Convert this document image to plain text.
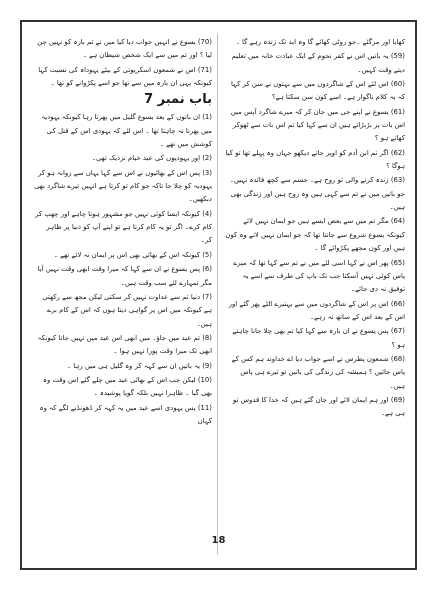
کھایا اور مرگئے ۔جو روٹی کھائے گا وہ ابد تک زندہ رہے گا ۔

(59) یہ باتیں اس نے کفر نحوم کے ایک عبادت خانہ میں تعلیم دیتے وقت کہیں۔

(60) اس لئے اس کے شاگردوں میں سے بہتوں نے سن کر کہا کہ یہ کلام ناگوار ہے۔ اسے کون سن سکتا ہے؟

(61) یسوع نے اپنے جی میں جان کر کہ میرے شاگرد آپس میں اس بات پر بڑبڑاتے ہیں ان سے کہا کیا تم اس بات سے ٹھوکر کھاتے ہو ؟

(62) اگر تم ابن آدم کو اوپر جاتے دیکھو جہاں وہ پہلے تھا تو کیا ہوگا ؟

(63) زندہ کرنے والی تو روح ہے۔ جسم سے کچھ فائدہ نہیں۔ جو باتیں میں نے تم سے کہی ہیں وہ روح ہیں اور زندگی بھی ہیں۔

(64) مگر تم میں سے بعض ایسے ہیں جو ایمان نہیں لائے کیونکہ یسوع شروع سے جانتا تھا کہ جو ایمان نہیں لاتے وہ کون ہیں اور کون مجھے پکڑوائے گا ۔

(65) پھر اس نے کہا اسی لئے میں نے تم سے کہا تھا کہ میرے پاس کوئی نہیں آسکتا جب تک باپ کی طرف سے اسے یہ توفیق نہ دی جائے۔

(66) اس پر اس کے شاگردوں میں سے بہتیرے الٹے پھر گئے اور اس کے بعد اس کے ساتھ نہ رہے۔

(67) پس یسوع نے ان بارہ سے کہا کیا تم بھی چلا جانا چاہتے ہو ؟

(68) شمعون پطرس نے اسے جواب دیا اے خداوند ہم کس کے پاس جائیں ؟ ہمیشہ کی زندگی کی باتیں تو تیرے ہی پاس ہیں۔

(69) اور ہم ایمان لائے اور جان گئے ہیں کہ خدا کا قدوس تو ہی ہے۔

(70) یسوع نے انہیں جواب دیا کیا میں نے تم بارہ کو نہیں چن لیا ؟ اور تم میں سے ایک شخص شیطان ہے ۔

(71) اس نے شمعون اسکریوتی کے بیٹے یہوداہ کی نسبت کہا کیونکہ یہی ان بارہ میں سے تھا جو اسے پکڑوانے کو تھا ۔

باب نمبر 7

(1) ان باتوں کے بعد یسوع گلیل میں پھرتا رہا کیونکہ یہودیہ میں پھرنا نہ چاہتا تھا ۔ اس لئے کہ یہودی اس کے قتل کی کوشش میں تھے ۔

(2) اور یہودیوں کی عید خیام نزدیک تھی۔

(3) پس اس کے بھائیوں نے اس سے کہا یہاں سے روانہ ہو کر یہودیہ کو چلا جا تاکہ جو کام تو کرتا ہے انہیں تیرے شاگرد بھی دیکھیں۔

(4) کیونکہ ایسا کوئی نہیں جو مشہور ہونا چاہے اور چھپ کر کام کرے۔ اگر تو یہ کام کرتا ہے تو اپنے آپ کو دنیا پر ظاہر کر۔

(5) کیونکہ اس کے بھائی بھی اس پر ایمان نہ لائے تھے ۔

(6) پس یسوع نے ان سے کہا کہ میرا وقت ابھی وقت نہیں آیا مگر تمہارے لئے سب وقت ہیں۔

(7) دنیا تم سے عداوت نہیں کر سکتی لیکن مجھ سے رکھتی ہے کیونکہ میں اس پر گواہی دیتا ہوں کہ اس کے کام برے ہیں۔

(8) تم عید میں جاؤ۔ میں ابھی اس عید میں نہیں جاتا کیونکہ ابھی تک میرا وقت پورا نہیں ہوا ۔

(9) یہ باتیں ان سے کہہ کر وہ گلیل ہی میں رہا ۔

(10) لیکن جب اس کے بھائی عید میں چلے گئے اس وقت وہ بھی گیا ۔ ظاہرا نہیں بلکہ گویا پوشیدہ ۔

(11) پس یہودی اسے عید میں یہ کہہ کر ڈھونڈنے لگے کہ وہ کہاں

18
